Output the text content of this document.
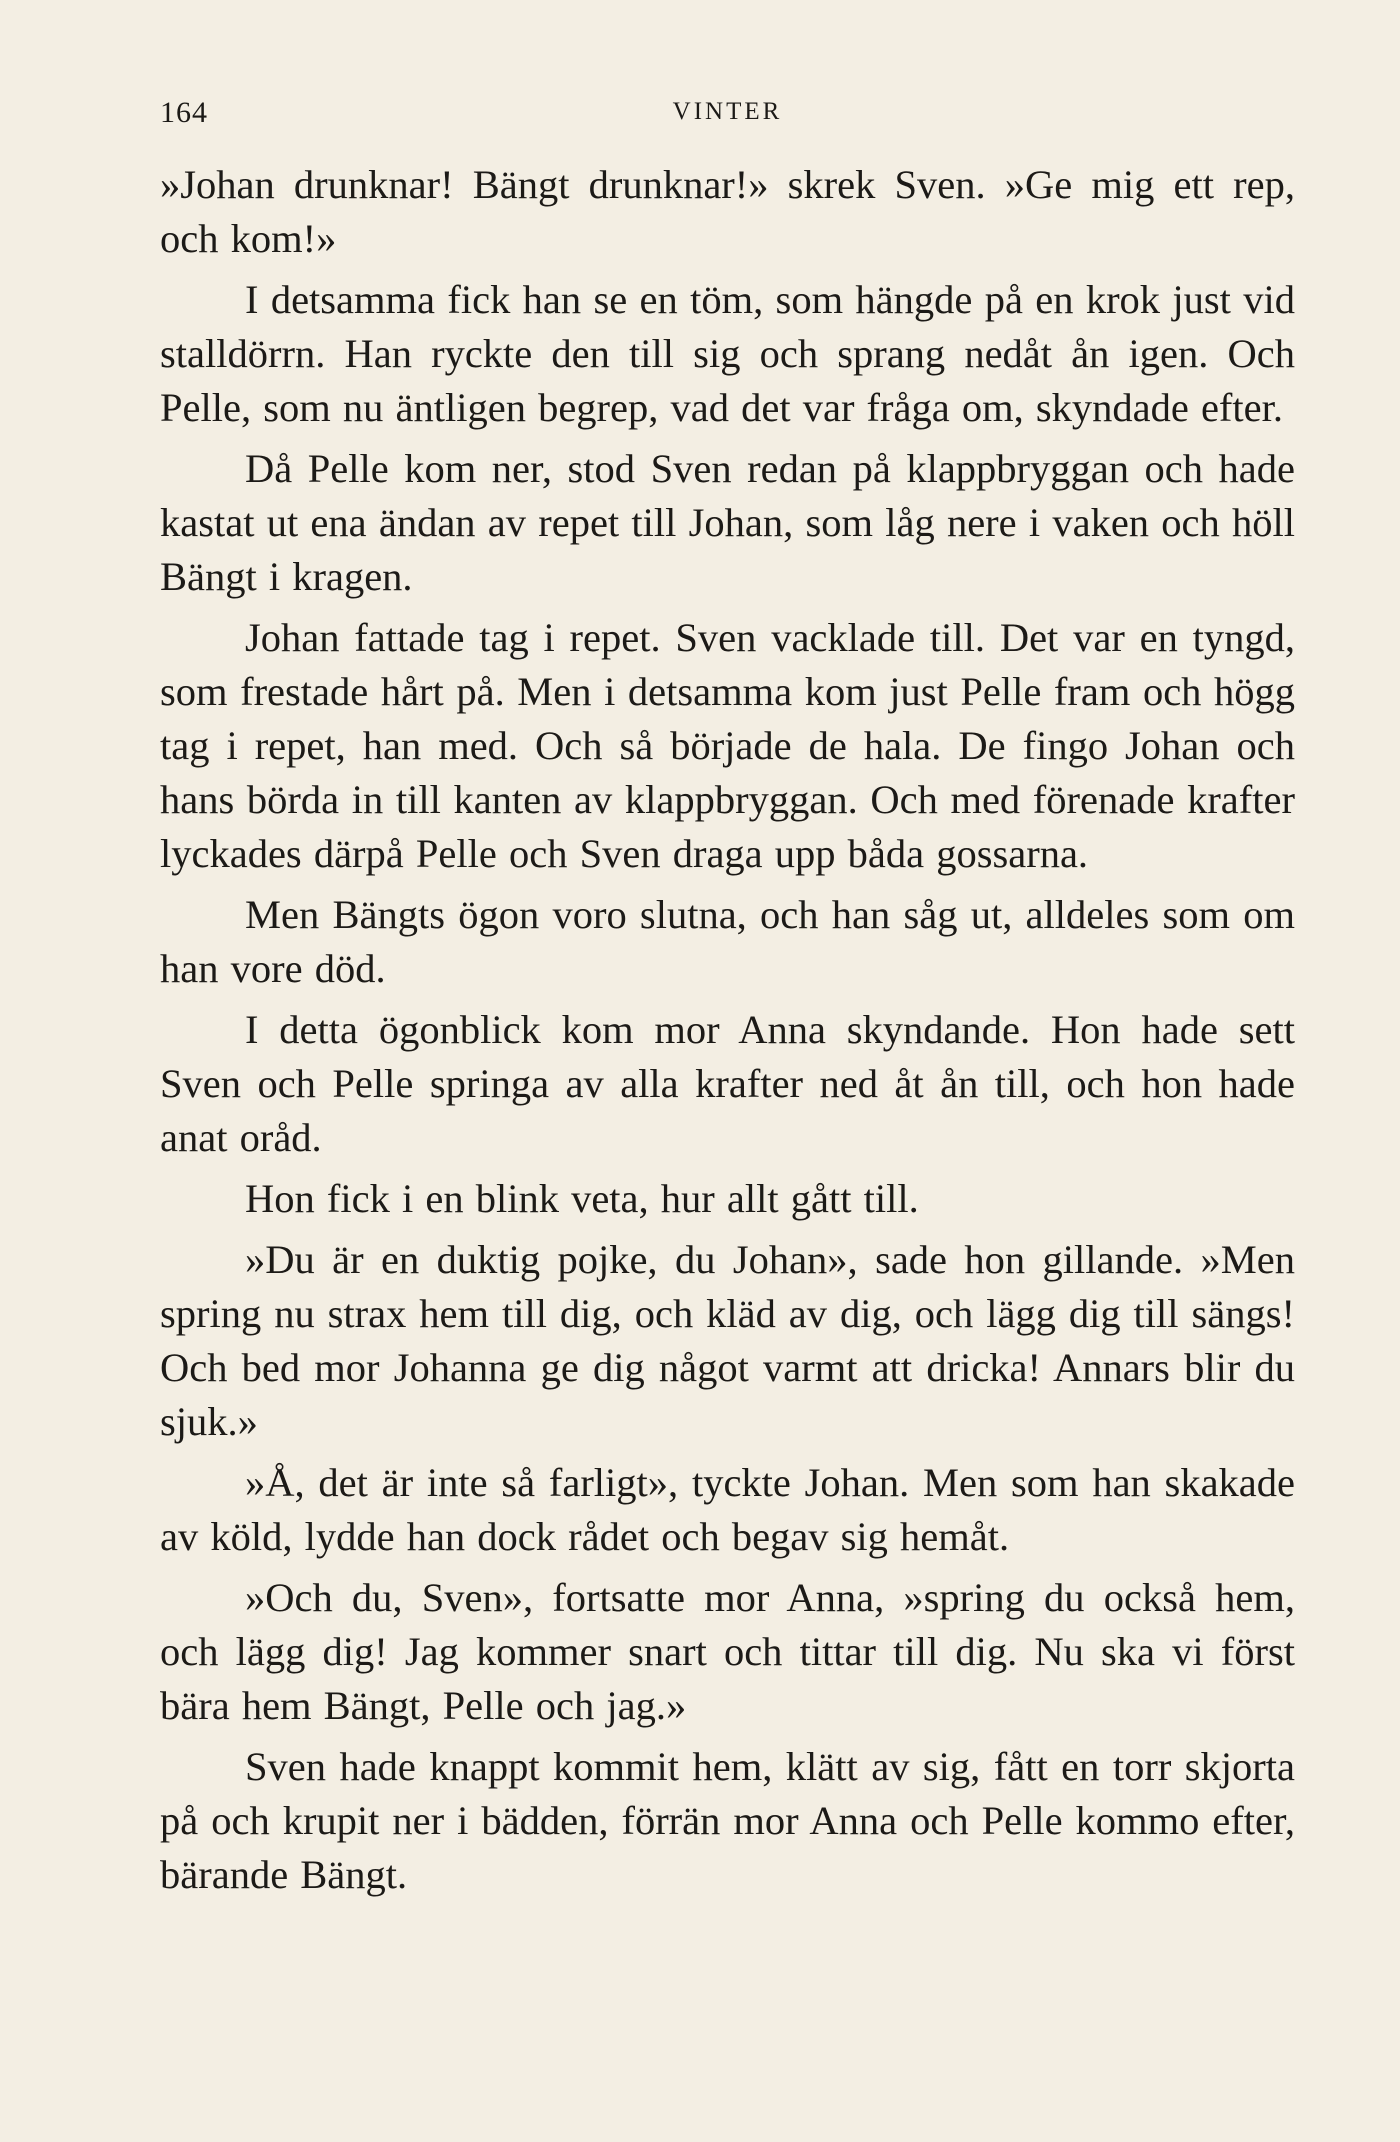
164	VINTER

»Johan drunknar! Bängt drunknar!» skrek Sven. »Ge mig ett rep, och kom!»

I detsamma fick han se en töm, som hängde på en krok just vid stalldörrn. Han ryckte den till sig och sprang nedåt ån igen. Och Pelle, som nu äntligen begrep, vad det var fråga om, skyndade efter.

Då Pelle kom ner, stod Sven redan på klappbryggan och hade kastat ut ena ändan av repet till Johan, som låg nere i vaken och höll Bängt i kragen.

Johan fattade tag i repet. Sven vacklade till. Det var en tyngd, som frestade hårt på. Men i detsamma kom just Pelle fram och högg tag i repet, han med. Och så började de hala. De fingo Johan och hans börda in till kanten av klappbryggan. Och med förenade krafter lyckades därpå Pelle och Sven draga upp båda gossarna.

Men Bängts ögon voro slutna, och han såg ut, alldeles som om han vore död.

I detta ögonblick kom mor Anna skyndande. Hon hade sett Sven och Pelle springa av alla krafter ned åt ån till, och hon hade anat oråd.

Hon fick i en blink veta, hur allt gått till.

»Du är en duktig pojke, du Johan», sade hon gillande. »Men spring nu strax hem till dig, och kläd av dig, och lägg dig till sängs! Och bed mor Johanna ge dig något varmt att dricka! Annars blir du sjuk.»

»Å, det är inte så farligt», tyckte Johan. Men som han skakade av köld, lydde han dock rådet och begav sig hemåt.

»Och du, Sven», fortsatte mor Anna, »spring du också hem, och lägg dig! Jag kommer snart och tittar till dig. Nu ska vi först bära hem Bängt, Pelle och jag.»

Sven hade knappt kommit hem, klätt av sig, fått en torr skjorta på och krupit ner i bädden, förrän mor Anna och Pelle kommo efter, bärande Bängt.
